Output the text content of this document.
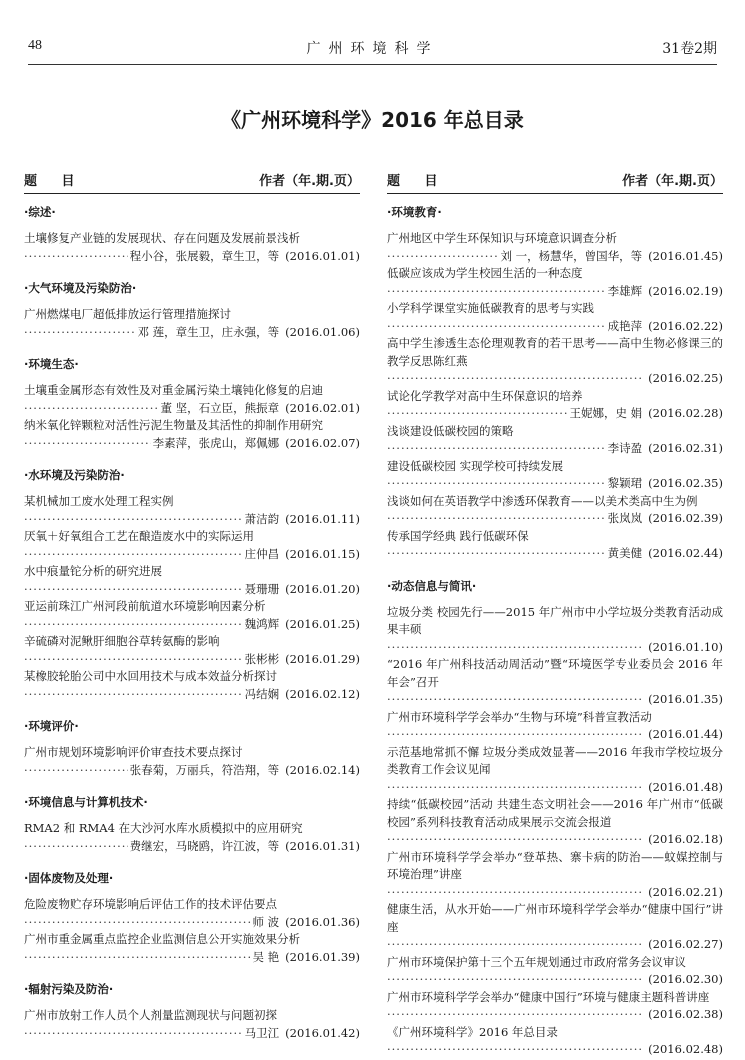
48	广州环境科学	31卷2期
《广州环境科学》2016 年总目录
题 目	作者（年.期.页）
·综述·
土壤修复产业链的发展现状、存在问题及发展前景浅析
·····
程小谷，张展毅，章生卫，等 (2016.01.01)
·大气环境及污染防治·
广州燃煤电厂超低排放运行管理措施探讨
·····
邓 莲，章生卫，庄永强，等 (2016.01.06)
·环境生态·
土壤重金属形态有效性及对重金属污染土壤钝化修复的启迪
·····
董 坚，石立臣，熊振章 (2016.02.01)
纳米氧化锌颗粒对活性污泥生物量及其活性的抑制作用研究
·····
李素萍，张虎山，郑佩娜 (2016.02.07)
·水环境及污染防治·
某机械加工废水处理工程实例
·····
萧洁韵 (2016.01.11)
厌氧＋好氧组合工艺在酿造废水中的实际运用
·····
庄仲昌 (2016.01.15)
水中痕量铊分析的研究进展
·····
聂珊珊 (2016.01.20)
亚运前珠江广州河段前航道水环境影响因素分析
·····
魏鸿辉 (2016.01.25)
辛硫磷对泥鳅肝细胞谷草转氨酶的影响
·····
张彬彬 (2016.01.29)
某橡胶轮胎公司中水回用技术与成本效益分析探讨
·····
冯结娴 (2016.02.12)
·环境评价·
广州市规划环境影响评价审查技术要点探讨
·····
张春菊，万丽兵，符浩翔，等 (2016.02.14)
·环境信息与计算机技术·
RMA2 和 RMA4 在大沙河水库水质模拟中的应用研究
·····
费继宏，马晓鸥，许江波，等 (2016.01.31)
·固体废物及处理·
危险废物贮存环境影响后评估工作的技术评估要点
·····
师 波 (2016.01.36)
广州市重金属重点监控企业监测信息公开实施效果分析
·····
吴 艳 (2016.01.39)
·辐射污染及防治·
广州市放射工作人员个人剂量监测现状与问题初探
·····
马卫江 (2016.01.42)
题 目	作者（年.期.页）
·环境教育·
广州地区中学生环保知识与环境意识调查分析
·····
刘 一，杨慧华，曾国华，等 (2016.01.45)
低碳应该成为学生校园生活的一种态度
·····
李雄辉 (2016.02.19)
小学科学课堂实施低碳教育的思考与实践
·····
成艳萍 (2016.02.22)
高中学生渗透生态伦理观教育的若干思考——高中生物必修课三的教学反思陈红燕
·····
(2016.02.25)
试论化学教学对高中生环保意识的培养
·····
王妮娜，史 娟 (2016.02.28)
浅谈建设低碳校园的策略
·····
李诗盈 (2016.02.31)
建设低碳校园 实现学校可持续发展
·····
黎颖珺 (2016.02.35)
浅谈如何在英语教学中渗透环保教育——以美术类高中生为例
·····
张岚岚 (2016.02.39)
传承国学经典 践行低碳环保
·····
黄美健 (2016.02.44)
·动态信息与简讯·
垃圾分类 校园先行——2015 年广州市中小学垃圾分类教育活动成果丰硕
·····
(2016.01.10)
“2016 年广州科技活动周活动”暨“环境医学专业委员会 2016 年年会”召开
·····
(2016.01.35)
广州市环境科学学会举办“生物与环境”科普宣教活动
·····
(2016.01.44)
示范基地常抓不懈 垃圾分类成效显著——2016 年我市学校垃圾分类教育工作会议见闻
·····
(2016.01.48)
持续“低碳校园”活动 共建生态文明社会——2016 年广州市“低碳校园”系列科技教育活动成果展示交流会报道
·····
(2016.02.18)
广州市环境科学学会举办“登革热、寨卡病的防治——蚊媒控制与环境治理”讲座
·····
(2016.02.21)
健康生活，从水开始——广州市环境科学学会举办“健康中国行”讲座
·····
(2016.02.27)
广州市环境保护第十三个五年规划通过市政府常务会议审议
·····
(2016.02.30)
广州市环境科学学会举办“健康中国行”环境与健康主题科普讲座
·····
(2016.02.38)
《广州环境科学》2016 年总目录
·····
(2016.02.48)
